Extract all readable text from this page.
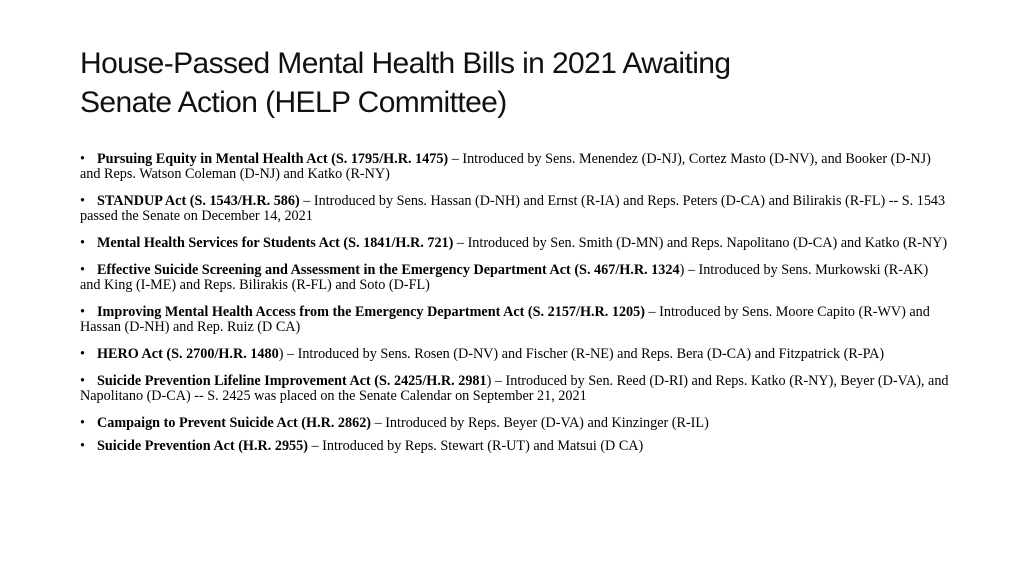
House-Passed Mental Health Bills in 2021 Awaiting
Senate Action (HELP Committee)
• Pursuing Equity in Mental Health Act (S. 1795/H.R. 1475) – Introduced by Sens. Menendez (D-NJ), Cortez Masto (D-NV), and Booker (D-NJ) and Reps. Watson Coleman (D-NJ) and Katko (R-NY)
• STANDUP Act (S. 1543/H.R. 586) – Introduced by Sens. Hassan (D-NH) and Ernst (R-IA) and Reps. Peters (D-CA) and Bilirakis (R-FL) -- S. 1543 passed the Senate on December 14, 2021
• Mental Health Services for Students Act (S. 1841/H.R. 721) – Introduced by Sen. Smith (D-MN) and Reps. Napolitano (D-CA) and Katko (R-NY)
• Effective Suicide Screening and Assessment in the Emergency Department Act (S. 467/H.R. 1324) – Introduced by Sens. Murkowski (R-AK) and King (I-ME) and Reps. Bilirakis (R-FL) and Soto (D-FL)
• Improving Mental Health Access from the Emergency Department Act (S. 2157/H.R. 1205) – Introduced by Sens. Moore Capito (R-WV) and Hassan (D-NH) and Rep. Ruiz (D CA)
• HERO Act (S. 2700/H.R. 1480) – Introduced by Sens. Rosen (D-NV) and Fischer (R-NE) and Reps. Bera (D-CA) and Fitzpatrick (R-PA)
• Suicide Prevention Lifeline Improvement Act (S. 2425/H.R. 2981) – Introduced by Sen. Reed (D-RI) and Reps. Katko (R-NY), Beyer (D-VA), and Napolitano (D-CA) -- S. 2425 was placed on the Senate Calendar on September 21, 2021
• Campaign to Prevent Suicide Act (H.R. 2862) – Introduced by Reps. Beyer (D-VA) and Kinzinger (R-IL)
• Suicide Prevention Act (H.R. 2955) – Introduced by Reps. Stewart (R-UT) and Matsui (D CA)
